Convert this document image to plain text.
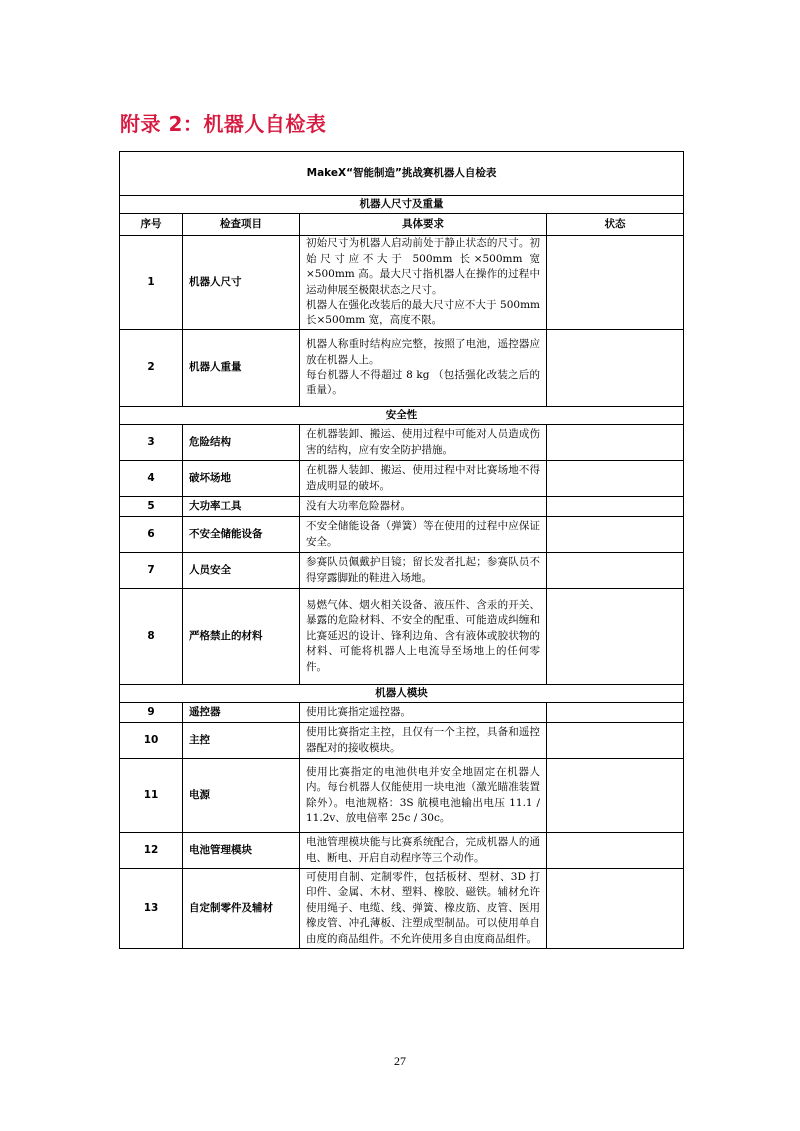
附录 2：机器人自检表
MakeX“智能制造”挑战赛机器人自检表			
机器人尺寸及重量			
序号	检查项目	具体要求	状态
1	机器人尺寸	初始尺寸为机器人启动前处于静止状态的尺寸。初始尺寸应不大于 500mm 长×500mm 宽×500mm 高。最大尺寸指机器人在操作的过程中运动伸展至极限状态之尺寸。
机器人在强化改装后的最大尺寸应不大于 500mm 长×500mm 宽，高度不限。	

2	机器人重量	机器人称重时结构应完整，按照了电池，遥控器应放在机器人上。
每台机器人不得超过 8 kg （包括强化改装之后的重量）。	

安全性			
3	危险结构	在机器装卸、搬运、使用过程中可能对人员造成伤害的结构，应有安全防护措施。	

4	破坏场地	在机器人装卸、搬运、使用过程中对比赛场地不得造成明显的破坏。	

5	大功率工具	没有大功率危险器材。	

6	不安全储能设备	不安全储能设备（弹簧）等在使用的过程中应保证安全。	

7	人员安全	参赛队员佩戴护目镜；留长发者扎起；参赛队员不得穿露脚趾的鞋进入场地。	

8	严格禁止的材料	易燃气体、烟火相关设备、液压件、含汞的开关、暴露的危险材料、不安全的配重、可能造成纠缠和比赛延迟的设计、锋利边角、含有液体或胶状物的材料、可能将机器人上电流导至场地上的任何零件。	

机器人模块			
9	遥控器	使用比赛指定遥控器。	

10	主控	使用比赛指定主控，且仅有一个主控，具备和遥控器配对的接收模块。	

11	电源	使用比赛指定的电池供电并安全地固定在机器人内。每台机器人仅能使用一块电池（激光瞄准装置除外）。电池规格：3S 航模电池输出电压 11.1 / 11.2v、放电倍率 25c / 30c。	

12	电池管理模块	电池管理模块能与比赛系统配合，完成机器人的通电、断电、开启自动程序等三个动作。	

13	自定制零件及辅材	可使用自制、定制零件，包括板材、型材、3D 打印件、金属、木材、塑料、橡胶、磁铁。辅材允许使用绳子、电缆、线、弹簧、橡皮筋、皮管、医用橡皮管、冲孔薄板、注塑成型制品。可以使用单自由度的商品组件。不允许使用多自由度商品组件。	

27
